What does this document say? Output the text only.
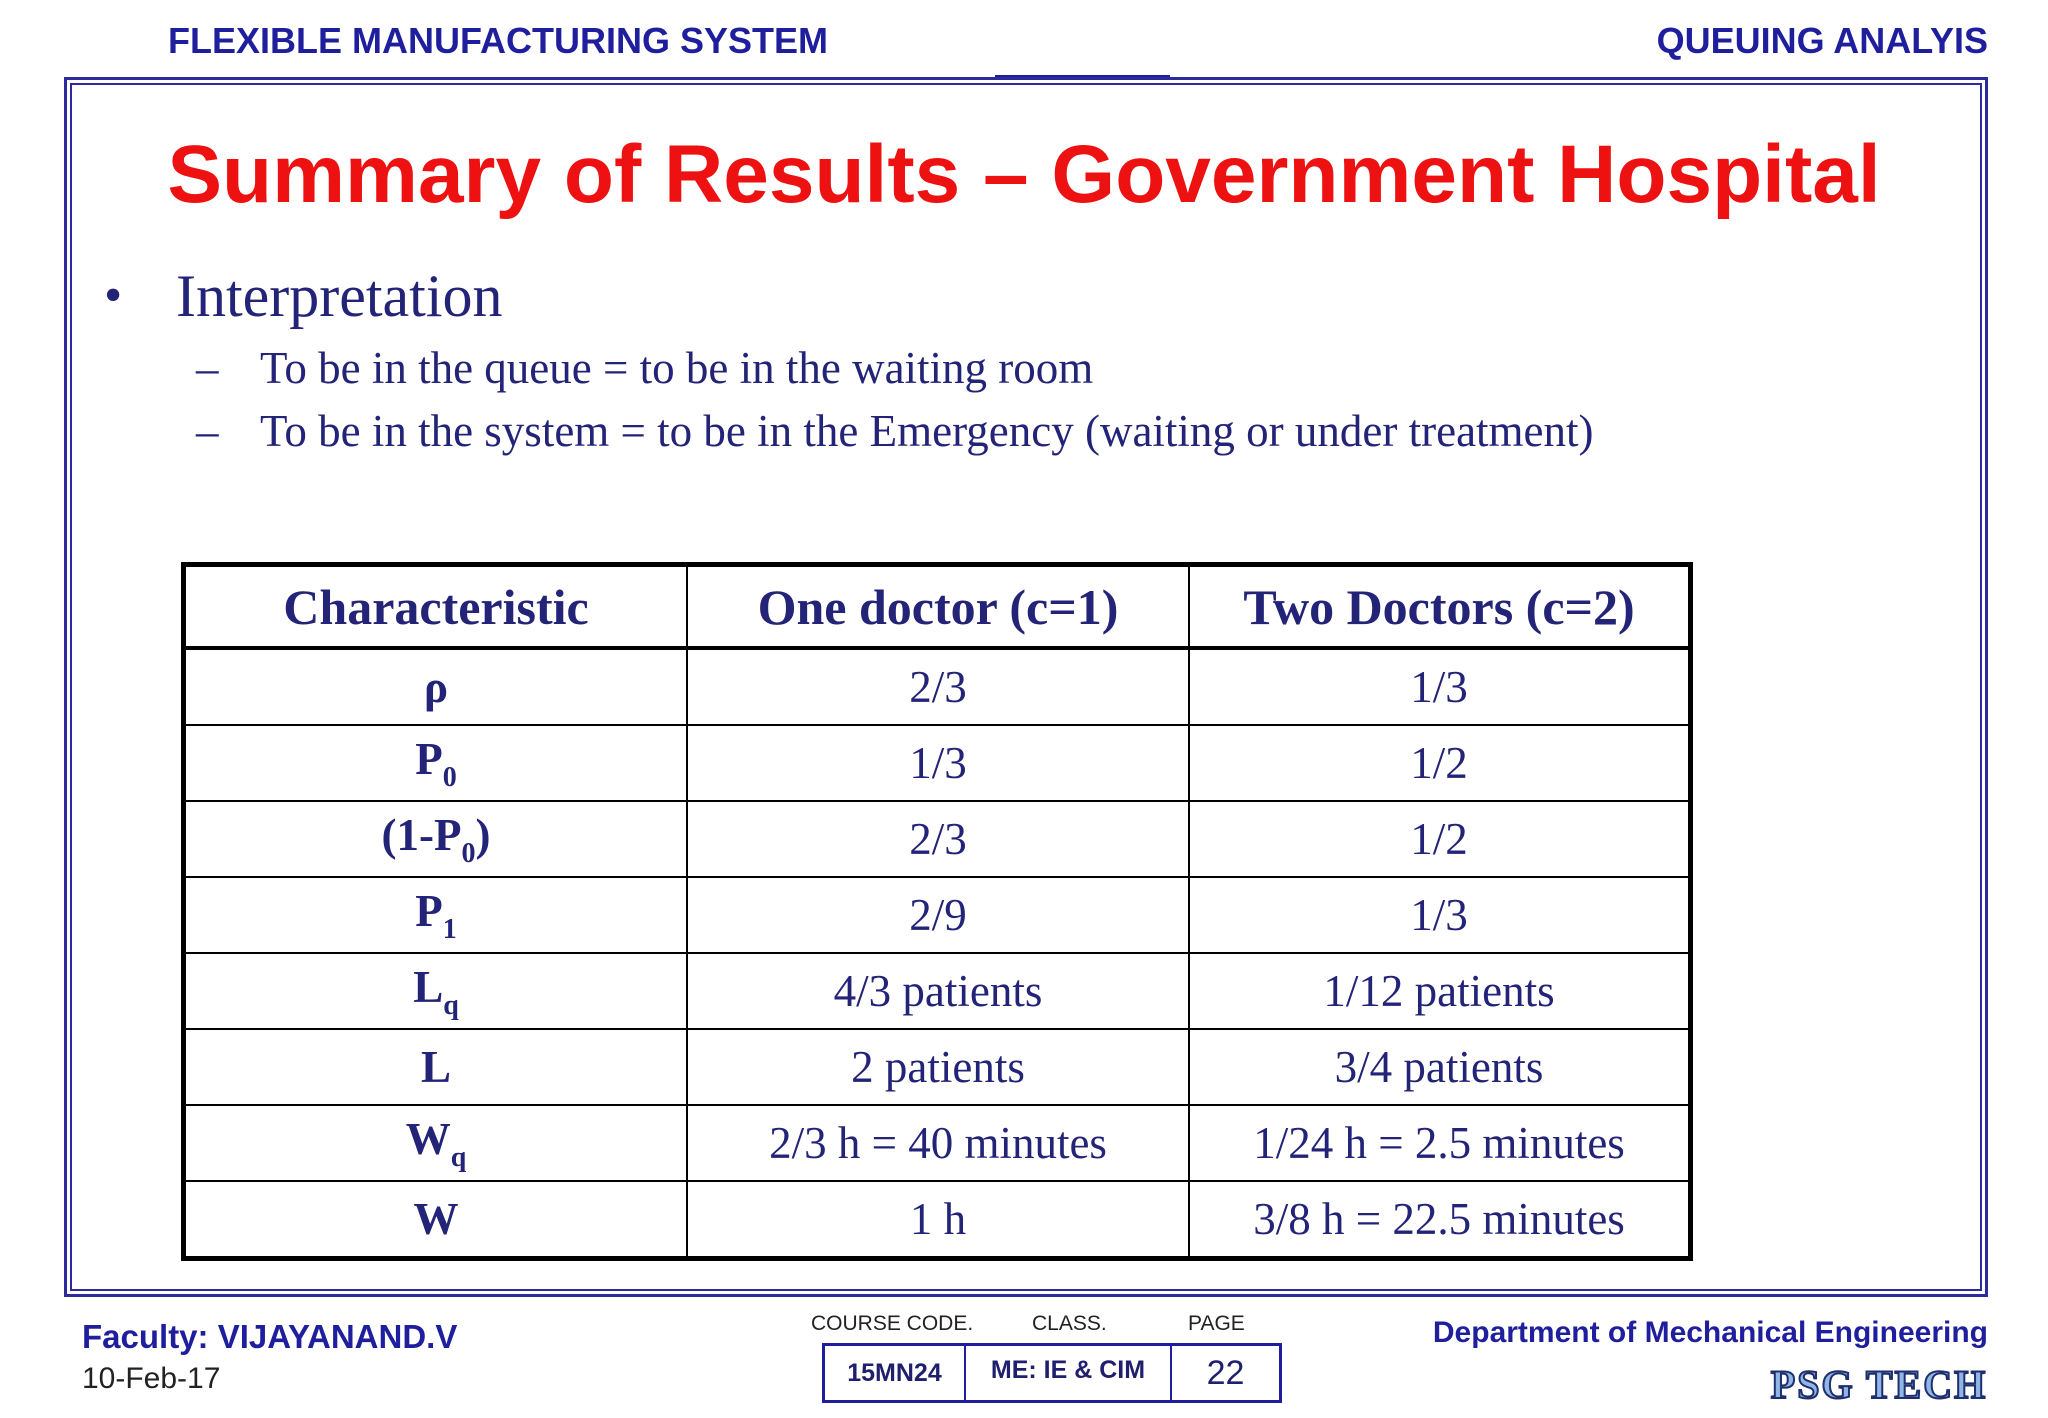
FLEXIBLE MANUFACTURING SYSTEM	QUEUING ANALYIS
Summary of Results – Government Hospital
• Interpretation
– To be in the queue = to be in the waiting room
– To be in the system = to be in the Emergency (waiting or under treatment)
Characteristic	One doctor (c=1)	Two Doctors (c=2)
ρ	2/3	1/3
$P_0$	1/3	1/2
$(1-P_0)$	2/3	1/2
$P_1$	2/9	1/3
$L_q$	4/3 patients	1/12 patients
L	2 patients	3/4 patients
$W_q$	2/3 h = 40 minutes	1/24 h = 2.5 minutes
W	1 h	3/8 h = 22.5 minutes
Faculty: VIJAYANAND.V
10-Feb-17
COURSE CODE.	CLASS.	PAGE
15MN24	ME: IE & CIM	22
Department of Mechanical Engineering
PSG TECH
